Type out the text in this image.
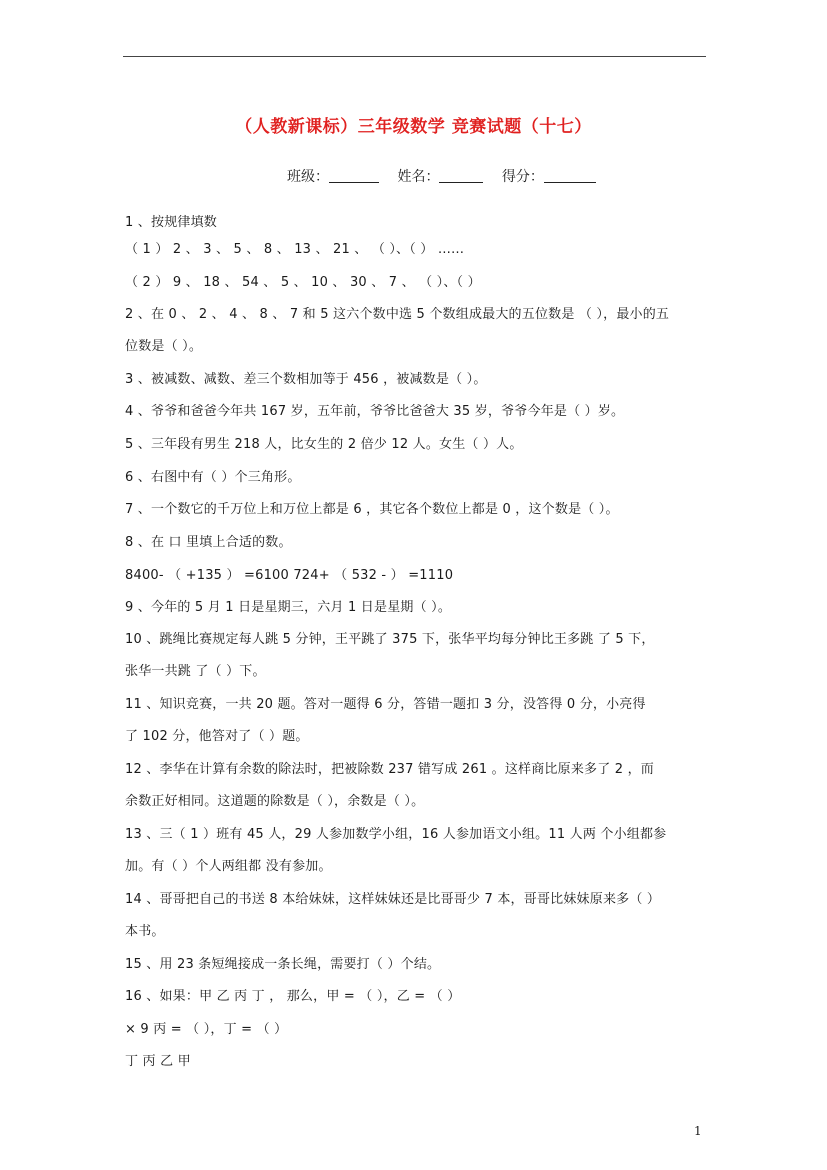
（人教新课标）三年级数学 竞赛试题（十七）
班级：	姓名：	得分：
1 、按规律填数
（ 1 ） 2 、 3 、 5 、 8 、 13 、 21 、 （ ）、（ ） ……
（ 2 ） 9 、 18 、 54 、 5 、 10 、 30 、 7 、 （ ）、（ ）
2 、在 0 、 2 、 4 、 8 、 7 和 5 这六个数中选 5 个数组成最大的五位数是 （ ），最小的五
位数是（ ）。
3 、被减数、减数、差三个数相加等于 456 ，被减数是（ ）。
4 、爷爷和爸爸今年共 167 岁，五年前，爷爷比爸爸大 35 岁，爷爷今年是（ ）岁。
5 、三年段有男生 218 人，比女生的 2 倍少 12 人。女生（ ）人。
6 、右图中有（ ）个三角形。
7 、一个数它的千万位上和万位上都是 6 ，其它各个数位上都是 0 ，这个数是（ ）。
8 、在 口 里填上合适的数。
8400- （ +135 ） =6100 724+ （ 532 - ） =1110
9 、今年的 5 月 1 日是星期三，六月 1 日是星期（ ）。
10 、跳绳比赛规定每人跳 5 分钟，王平跳了 375 下，张华平均每分钟比王多跳 了 5 下，
张华一共跳 了（ ）下。
11 、知识竞赛，一共 20 题。答对一题得 6 分，答错一题扣 3 分，没答得 0 分，小亮得
了 102 分，他答对了（ ）题。
12 、李华在计算有余数的除法时，把被除数 237 错写成 261 。这样商比原来多了 2 ，而
余数正好相同。这道题的除数是（ ），余数是（ ）。
13 、三（ 1 ）班有 45 人，29 人参加数学小组，16 人参加语文小组。11 人两 个小组都参
加。有（ ）个人两组都 没有参加。
14 、哥哥把自己的书送 8 本给妹妹，这样妹妹还是比哥哥少 7 本，哥哥比妹妹原来多（ ）
本书。
15 、用 23 条短绳接成一条长绳，需要打（ ）个结。
16 、如果：甲 乙 丙 丁 ， 那么，甲 = （ ），乙 = （ ）
× 9 丙 = （ ），丁 = （ ）
丁 丙 乙 甲
1
